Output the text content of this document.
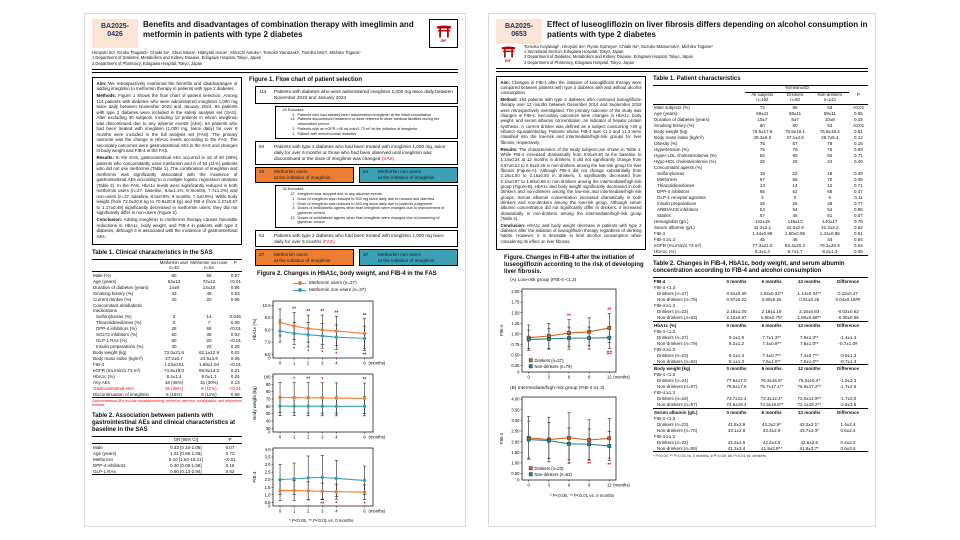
BA2025-
0426
Benefits and disadvantages of combination therapy with imeglimin and metformin in patients with type 2 diabetes
IDF
Hiroyuki Ito¹, Emiko Tsugami², Chiaki Ito¹, Shun Miura¹, Hideyuki Inoue¹, Shinichi Antoku¹, Tomoko Yamazaki¹, Toshiko Mori¹, Michiko Togane¹
1 Department of Diabetes, Metabolism and Kidney Disease, Edogawa Hospital, Tokyo, Japan
2 Department of Pharmacy, Edogawa Hospital, Tokyo, Japan

Aim: We retrospectively examined the benefits and disadvantages of adding imeglimin to metformin therapy in patients with type 2 diabetes.

Methods: Figure 1 shows the flow chart of patient selection. Among 114 patients with diabetes who were administered imeglimin 1,000 mg twice daily between November 2022 and January 2024, 94 patients with type 2 diabetes were included in the safety analysis set (SAS). After excluding 30 subjects, including 12 patients in whom imeglimin was discontinued due to any adverse events (AEs), 64 patients who had been treated with imeglimin (1,000 mg, twice daily) for over 6 months were included in the full analysis set (FAS). The primary outcome was the change in HbA1c levels according to the FAS. The secondary outcomes were gastrointestinal AEs in the SAS and changes in body weight and FIB-4 in the FAS.

Results: In the SAS, gastrointestinal AEs occurred in 15 of 40 (38%) patients who concomitantly used metformin and 6 of 54 (11%) patients who did not use metformin (Table 1). The combination of imeglimin and metformin was significantly associated with the incidence of gastrointestinal AEs according to a multiple logistic regression analysis (Table 2). In the FAS, HbA1c levels were significantly reduced in both metformin users (n=27, baseline, 8.6±1.1%; 6 months, 7.7±1.2%) and non-users (n=37, baseline, 8.0±0.9%; 6 months, 7.4±0.9%). While body weight (from 72.0±20.6 kg to 70.9±20.8 kg) and FIB-4 (from 1.27±0.67 to 1.17±0.49) significantly decreased in metformin users, they did not significantly differ in non-users (Figure 2).

Conclusion: Adding imeglimin to metformin therapy causes favorable reductions in HbA1c, body weight, and FIB-4 in patients with type 2 diabetes, although it is associated with the incidence of gastrointestinal AEs.

Table 1. Clinical characteristics in the SAS

Metformin user
n=40

Metformin non-user
n=54
	P
Male (%)	60	66	0.57
Age (years)	62±13	72±12	<0.01
Duration of diabetes (years)	14±9	14±10	0.86
Smoking history (%)	43	49	0.53
Current drinker (%)	20	20	0.96
Concomitant antidiabetic medications			
Sulfonylureas (%)	3	14	0.045
Thiazolidinediones (%)	0	7	0.09
DPP-4 inhibitors (%)	28	69	<0.01
SGLT2 inhibitors (%)	60	36	0.02
GLP-1 RAs (%)	60	20	<0.01
Insulin preparations (%)	30	20	0.28
Body weight (kg)	73.0±21.6	62.1±12.9	0.02
Body mass index (kg/m²)	27.2±6.7	24.8±3.9	0.06
FIB-4	1.23±0.61	1.89±1.04	<0.01
eGFR (mL/min/1.73 m²)	74.8±19.0	69.8±14.3	0.21
HbA1c (%)	8.4±1.4	8.0±1.1	0.24
Any AEs	18 (45%)	16 (30%)	0.13
Gastrointestinal AEs	15 (38%)	6 (11%)	<0.01
Discontinuation of imeglimin	6 (15%)	6 (11%)	0.68
Gastrointestinal AEs include nausea/vomiting, anorexia, diarrhea, constipation, and abdominal fullness.
Table 2. Association between patients with gastrointestinal AEs and clinical characteristics at baseline in the SAS
	OR [95% CI]	P
Male	0.33 [0.10-1.06]	0.07
Age (years)	1.01 [0.96-1.06]	0.73
Metformin	5.10 [1.64-19.21]	<0.01
DPP-4 inhibitors	0.30 [0.06-1.68]	0.16
GLP-1 RAs	0.60 [0.13-2.94]	0.62
Figure 1. Flow chart of patient selection
114	Patients with diabetes who were administered imeglimin 1,000 mg twice daily between November 2022 and January 2024
20 Excluded
4 Patients who had already been administered imeglimin at the initial consultation
13 Patients discontinued treatment or were referred to other medical facilities during the observation period
2 Patients with an eGFR <45 mL/min/1.73 m² at the initiation of imeglimin
1 Patient with mitochondrial diabetes
94	Patients with type 2 diabetes who had been treated with imeglimin 1,000 mg, twice daily for over 6 months or those who had been observed until imeglimin was discontinued or the dose of imeglimin was changed (SAS)
40	Metformin users
at the initiation of imeglimin
54	Metformin non-users
at the initiation of imeglimin
30 Excluded
12 Imeglimin was stopped due to any adverse events
1 Dose of imeglimin was reduced to 500 mg twice daily due to nausea and diarrhea
1 Dose of imeglimin was reduced to 500 mg twice daily due to patient's judgement
3 Doses of antidiabetic agents other than imeglimin were changed due to improvement of glycemic control
13 Doses of antidiabetic agents other than imeglimin were changed due to worsening of glycemic control
64	Patients with type 2 diabetes who had been treated with imeglimin 1,000 mg twice daily for over 6 months (FAS)
27	Metformin users
at the initiation of imeglimin
37	Metformin non-users
at the initiation of imeglimin
Figure 2. Changes in HbA1c, body weight, and FIB-4 in the FAS
Metformin users (n=27)
Metformin non-users (n=37)
6.0
7.0
8.0
9.0
10.0
0
HbA1c (%)
0	1	2	3	4	6 (months)
** ** ** **	**
* * * *	**
30
40
50
60
70
80
90
100
0
Body weight (kg)
0	1	2	3	4	6 (months)
* ** *	**
0.5
1.0
1.5
2.0
2.5
3.0
3.5
4.0
0
FIB-4
0	1	2	3	4	6 (months)
** *	*
* P<0.05, ** P<0.01 vs. 0 months
BA2025-
0653
Effect of luseogliflozin on liver fibrosis differs depending on alcohol consumption in patients with type 2 diabetes
IDF
Tomoko Koyanagi¹, Hiroyuki Ito², Ryota Someya², Chiaki Ito², Suzuko Matsumoto³, Michiko Togane²
1 Secretarial Section, Edogawa Hospital, Tokyo, Japan
2 Department of Diabetes, Metabolism and Kidney Disease, Edogawa Hospital, Tokyo, Japan
3 Department of Pharmacy, Edogawa Hospital, Tokyo, Japan

Aim: Changes in FIB-4 after the initiation of luseogliflozin therapy were compared between patients with type 2 diabetes with and without alcohol consumption.

Method: 192 patients with type 2 diabetes who continued luseogliflozin therapy over 12 months between December 2014 and September 2018 were retrospectively investigated. The primary outcome of the study was changes in FIB-4. Secondary outcomes were changes in HbA1c, body weight, and serum albumin concentration, an indicator of hepatic protein synthesis. A current drinker was defined as a subject consuming >20 g ethanol equivalents/day. Patients whose FIB-4 was <1.3 and ≥1.3 were classified into the low-risk and intermediate/high-risk groups for liver fibrosis, respectively.

Results: The characteristics of the study subjects are shown in Table 1. While FIB-4 increased dramatically from 0.91±0.30 at the baseline to 1.14±0.34 at 12 months in drinkers, it did not significantly change from 0.87±0.22 to 0.91±0.26 in non-drinkers among the low-risk group for liver fibrosis (Figure-A). Although FIB-4 did not change substantially from 2.18±1.00 to 2.16±0.93 in drinkers, it significantly decreased from 2.10±0.87 to 1.80±0.68 in non-drinkers among the intermediate/high-risk group (Figure-B). HbA1c and body weight significantly decreased in both drinkers and non-drinkers among the low-risk and intermediate/high-risk groups. Serum albumin concentration increased dramatically in both drinkers and non-drinkers among the low-risk group. Although serum albumin concentration did not significantly differ in drinkers, it increased dramatically in non-drinkers among the intermediate/high-risk group (Table 2).

Conclusion: HbA1c and body weight decrease in patients with type 2 diabetes after the initiation of luseogliflozin therapy regardless of drinking habits. However, it is desirable to limit alcohol consumption when considering its effect on liver fibrosis.

Figure. Changes in FIB-4 after the initiation of luseogliflozin according to the risk of developing liver fibrosis.
(A) Low-risk group (FIB-4 <1.3)
0.25
0.50
0.75
1.00
1.25
1.50
1.75
2.00
0
FIB-4
0	3	6	9	12 (months)
**
**
##
Drinkers (n=27)
Non-drinkers (n=79)
(B) Intermediate/high-risk group (FIB-4 ≥1.3)
0.50
1.00
1.50
2.00
2.50
3.00
3.50
4.00
0
FIB-4
0	3	6	9	12 (months)
*	**	**
Drinkers (n=23)
Non-drinkers (n=63)
* P<0.05, ** P<0.01 vs. 0 months
Table 1. Patient characteristics
	%/mean±SD			

All subjects
n=192

Drinkers
n=50

Non-drinkers
n=142
	P
Male subjects (%)	72	96	63	<0.01
Age (years)	59±11	58±11	59±11	0.55
Duration of diabetes (years)	10±7	8±7	10±8	0.15
Smoking history (%)	60	80	53	<0.01
Body weight (kg)	76.5±17.6	75.9±15.1	76.8±18.4	0.91
Body mass index (kg/m²)	28.3±5.3	27.1±4.8	28.7±5.4	0.12
Obesity (%)	75	67	78	0.16
Hypertension (%)	76	76	75	0.93
Hyper-LDL cholesterolemia (%)	82	80	82	0.71
Hypo-HDL cholesterolemia (%)	25	29	24	0.40
Concomitant agents (%)				
Sulfonylureas	19	22	18	0.49
Metformin	67	56	70	0.06
Thiazolidinediones	13	14	12	0.71
DPP-4 inhibitors	66	62	68	0.47
GLP-1 receptor agonists	4	0	5	0.11
Insulin preparations	28	26	28	0.77
ARBs/ACE inhibitors	54	54	54	0.95
Statins	57	46	61	0.07
Hemoglobin (g/L)	142±15	148±13	140±17	0.79
Serum albumin (g/L)	42.2±3.1	42.0±2.9	42.2±3.2	0.62
FIB-4	1.44±0.88	1.50±0.95	1.41±0.86	0.61
FIB-4 ≥1.3	45	46	44	0.84
eGFR (mL/min/1.73 m²)	77.3±21.0	83.4±20.3	76.1±20.9	0.04
HbA1c (%)	8.3±1.4	8.7±1.7	8.2±1.3	0.08
Table 2. Changes in FIB-4, HbA1c, body weight, and serum albumin concentration according to FIB-4 and alcohol consumption
FIB-4	0 months	6 months	12 months	Difference
FIB-4 <1.3				
Drinkers (n=27)	0.91±0.30	1.02±0.32**	1.14±0.34**	0.22±0.27
Non-drinkers (n=79)	0.87±0.22	0.90±0.26	0.91±0.26	0.04±0.18##
FIB-4 ≥1.3				
Drinkers (n=23)	2.18±1.00	2.18±1.18	2.16±0.93	-0.02±0.52
Non-drinkers (n=63)	2.10±0.87	1.90±0.75*	1.80±0.68**	-0.30±0.56
HbA1c (%)	0 months	6 months	12 months	Difference
FIB-4 <1.3				
Drinkers (n=27)	9.1±1.9	7.7±1.3**	7.6±1.3**	-1.4±1.4
Non-drinkers (n=79)	8.2±1.2	7.4±0.9**	7.5±1.0**	-0.7±1.0#
FIB-4 ≥1.3				
Drinkers (n=23)	8.2±1.3	7.4±0.7**	7.4±0.7**	-0.8±1.3
Non-drinkers (n=62)	8.1±1.3	7.6±1.0**	7.5±1.0**	-0.7±1.3
Body weight (kg)	0 months	6 months	12 months	Difference
FIB-4 <1.3				
Drinkers (n=24)	77.6±17.0	76.3±16.5*	76.0±16.4*	-1.5±3.3
Non-drinkers (n=67)	78.6±17.6	76.7±17.1**	76.9±17.2**	-1.7±2.6
FIB-4 ≥1.3				
Drinkers (n=19)	73.7±12.4	72.3±12.4*	72.0±12.9**	-1.7±3.0
Non-drinkers (n=57)	74.6±19.4	72.3±18.5**	72.1±18.2**	-2.6±3.8
Serum albumin (g/L)	0 months	6 months	12 months	Difference
FIB-4 <1.3				
Drinkers (n=23)	41.8±2.9	43.3±2.9*	43.3±3.1*	1.4±2.4
Non-drinkers (n=70)	43.1±2.8	43.4±2.9	43.7±3.3*	0.6±2.4
FIB-4 ≥1.3				
Drinkers (n=22)	42.2±2.9	42.4±3.5	42.6±2.6	0.4±2.3
Non-drinkers (n=59)	41.2±3.4	41.9±3.8**	41.8±3.7*	0.6±3.6
* P<0.05, ** P<0.01 vs. 0 months, # P<0.05, ## P<0.01 vs. drinkers
